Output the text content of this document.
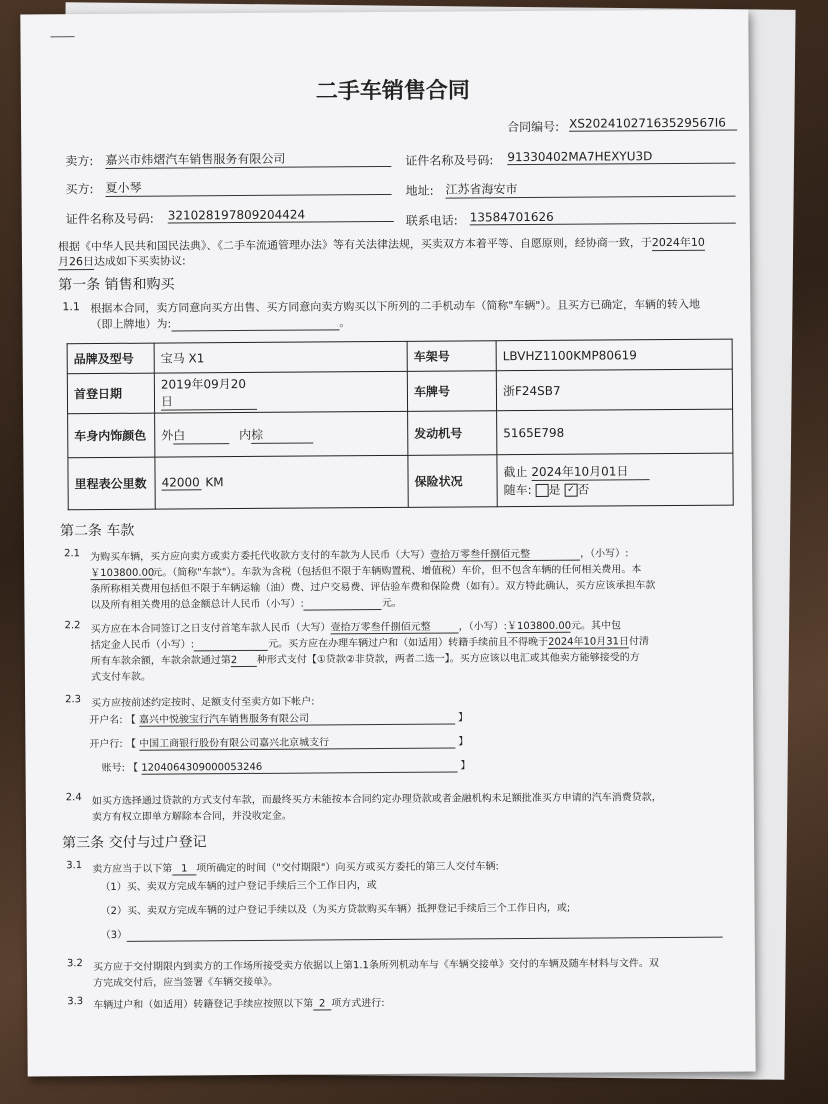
二手车销售合同
合同编号: XS20241027163529567I6
卖方: 嘉兴市炜熠汽车销售服务有限公司	证件名称及号码: 91330402MA7HEXYU3D
买方: 夏小琴	地址: 江苏省海安市
证件名称及号码: 321028197809204424	联系电话: 13584701626
根据《中华人民共和国民法典》、《二手车流通管理办法》等有关法律法规，买卖双方本着平等、自愿原则，经协商一致，于2024年10
月26日达成如下买卖协议:
第一条 销售和购买
1.1 根据本合同，卖方同意向买方出售、买方同意向卖方购买以下所列的二手机动车（简称"车辆"）。且买方已确定，车辆的转入地
（即上牌地）为:	。
品牌及型号	宝马 X1	车架号	LBVHZ1100KMP80619
首登日期	2019年09月20日	车牌号	浙F24SB7
车身内饰颜色	外白 内棕	发动机号	5165E798
里程表公里数	42000 KM	保险状况	截止 2024年10月01日
随车: 是 ✓ 否
第二条 车款
2.1 为购买车辆，买方应向卖方或卖方委托代收款方支付的车款为人民币（大写）壹拾万零叁仟捌佰元整	，（小写）:
￥103800.00元。（简称"车款"）。车款为含税（包括但不限于车辆购置税、增值税）车价，但不包含车辆的任何相关费用。本
条所称相关费用包括但不限于车辆运输（油）费、过户交易费、评估验车费和保险费（如有）。双方特此确认，买方应该承担车款
以及所有相关费用的总金额总计人民币（小写）:	元。
2.2 买方应在本合同签订之日支付首笔车款人民币（大写）壹拾万零叁仟捌佰元整	，（小写）:￥103800.00元。其中包
括定金人民币（小写）:	元。买方应在办理车辆过户和（如适用）转籍手续前且不得晚于2024年10月31日付清
所有车款余额，车款余款通过第2 种形式支付【①贷款②非贷款，两者二选一】。买方应该以电汇或其他卖方能够接受的方
式支付车款。
2.3 买方应按前述约定按时、足额支付至卖方如下帐户:
开户名: 【 嘉兴中悦骏宝行汽车销售服务有限公司	】
开户行: 【 中国工商银行股份有限公司嘉兴北京城支行	】
账号: 【 1204064309000053246	】
2.4 如买方选择通过贷款的方式支付车款，而最终买方未能按本合同约定办理贷款或者金融机构未足额批准买方申请的汽车消费贷款，
卖方有权立即单方解除本合同，并没收定金。
第三条 交付与过户登记
3.1 卖方应当于以下第 1 项所确定的时间（"交付期限"）向买方或买方委托的第三人交付车辆:
（1）买、卖双方完成车辆的过户登记手续后三个工作日内，或
（2）买、卖双方完成车辆的过户登记手续以及（为买方贷款购买车辆）抵押登记手续后三个工作日内，或;
（3）
3.2 买方应于交付期限内到卖方的工作场所接受卖方依据以上第1.1条所列机动车与《车辆交接单》交付的车辆及随车材料与文件。双
方完成交付后，应当签署《车辆交接单》。
3.3 车辆过户和（如适用）转籍登记手续应按照以下第 2 项方式进行:
